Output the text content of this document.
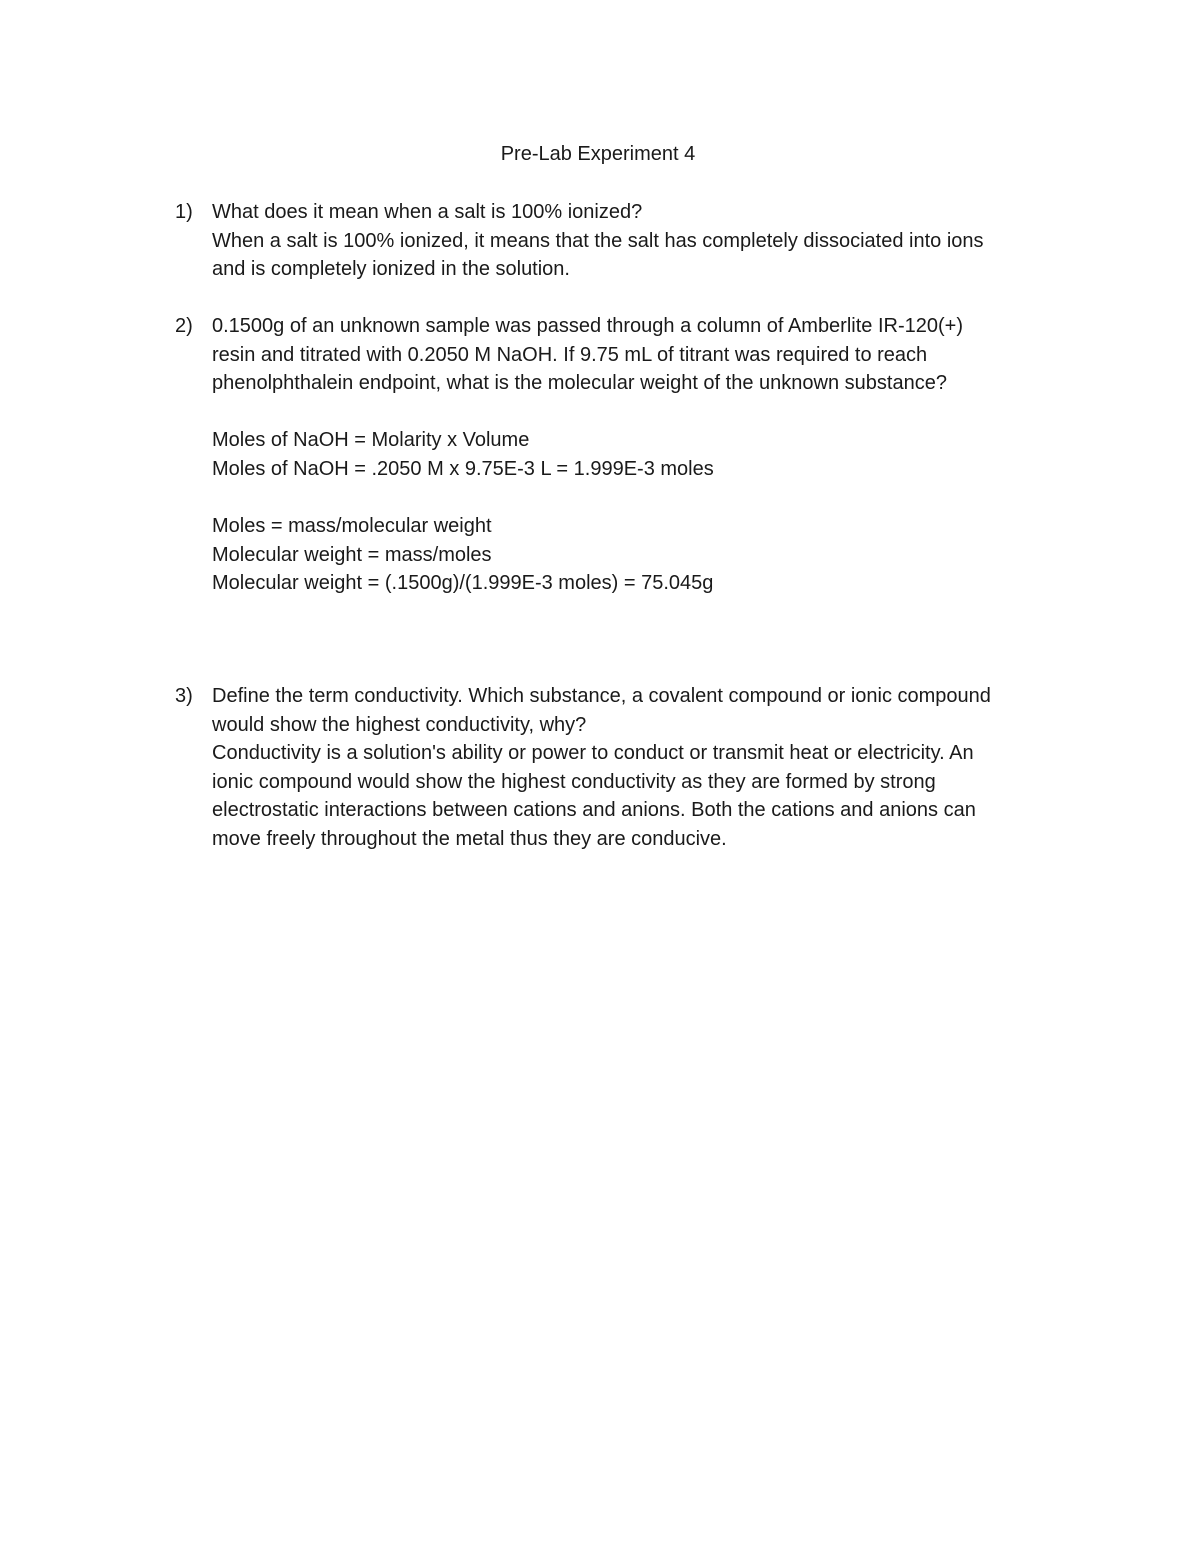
Pre-Lab Experiment 4
1) What does it mean when a salt is 100% ionized?

When a salt is 100% ionized, it means that the salt has completely dissociated into ions

and is completely ionized in the solution.

2) 0.1500g of an unknown sample was passed through a column of Amberlite IR-120(+)

resin and titrated with 0.2050 M NaOH. If 9.75 mL of titrant was required to reach

phenolphthalein endpoint, what is the molecular weight of the unknown substance?

Moles of NaOH = Molarity x Volume

Moles of NaOH = .2050 M x 9.75E-3 L = 1.999E-3 moles

Moles = mass/molecular weight

Molecular weight = mass/moles

Molecular weight = (.1500g)/(1.999E-3 moles) = 75.045g

3) Define the term conductivity. Which substance, a covalent compound or ionic compound

would show the highest conductivity, why?

Conductivity is a solution's ability or power to conduct or transmit heat or electricity. An

ionic compound would show the highest conductivity as they are formed by strong

electrostatic interactions between cations and anions. Both the cations and anions can

move freely throughout the metal thus they are conducive.
